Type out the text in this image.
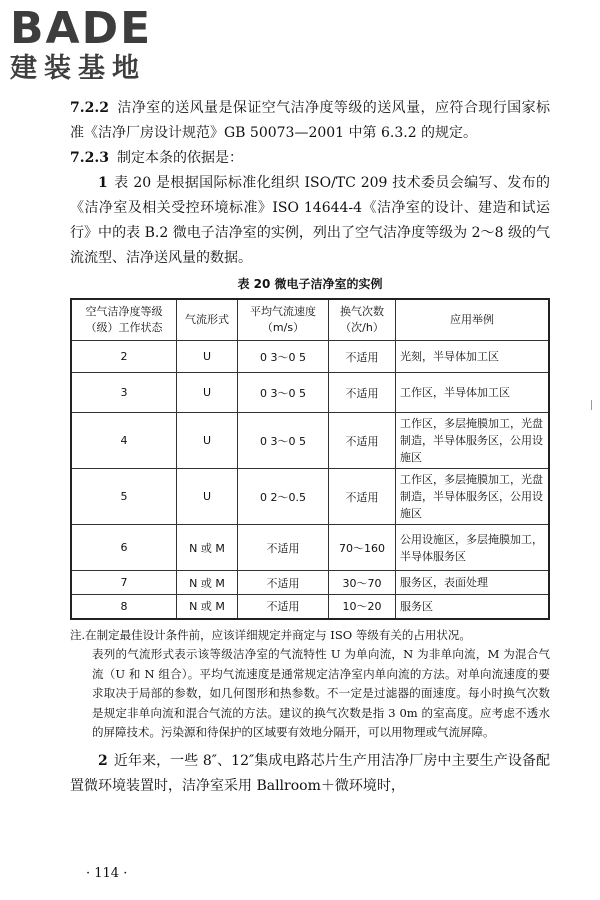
BADE
建装基地

7.2.2 洁净室的送风量是保证空气洁净度等级的送风量，应符合现行国家标准《洁净厂房设计规范》GB 50073—2001 中第 6.3.2 的规定。

7.2.3 制定本条的依据是：

1 表 20 是根据国际标准化组织 ISO/TC 209 技术委员会编写、发布的《洁净室及相关受控环境标准》ISO 14644-4《洁净室的设计、建造和试运行》中的表 B.2 微电子洁净室的实例，列出了空气洁净度等级为 2～8 级的气流流型、洁净送风量的数据。

表 20 微电子洁净室的实例
空气洁净度等级（级）工作状态	气流形式	平均气流速度（m/s）	换气次数（次/h）	应用举例
2	U	0 3～0 5	不适用	光刻，半导体加工区
3	U	0 3～0 5	不适用	工作区，半导体加工区
4	U	0 3～0 5	不适用	工作区，多层掩膜加工，光盘制造，半导体服务区，公用设施区
5	U	0 2～0.5	不适用	工作区，多层掩膜加工，光盘制造，半导体服务区，公用设施区
6	N 或 M	不适用	70～160	公用设施区，多层掩膜加工，半导体服务区
7	N 或 M	不适用	30～70	服务区，表面处理
8	N 或 M	不适用	10～20	服务区
注.在制定最佳设计条件前，应该详细规定并商定与 ISO 等级有关的占用状况。
表列的气流形式表示该等级洁净室的气流特性 U 为单向流，N 为非单向流，M 为混合气流（U 和 N 组合）。平均气流速度是通常规定洁净室内单向流的方法。对单向流速度的要求取决于局部的参数，如几何图形和热参数。不一定是过滤器的面速度。每小时换气次数是规定非单向流和混合气流的方法。建议的换气次数是指 3 0m 的室高度。应考虑不透水的屏障技术。污染源和待保护的区域要有效地分隔开，可以用物理或气流屏障。

2 近年来，一些 8″、12″集成电路芯片生产用洁净厂房中主要生产设备配置微环境装置时，洁净室采用 Ballroom＋微环境时，

· 114 ·
